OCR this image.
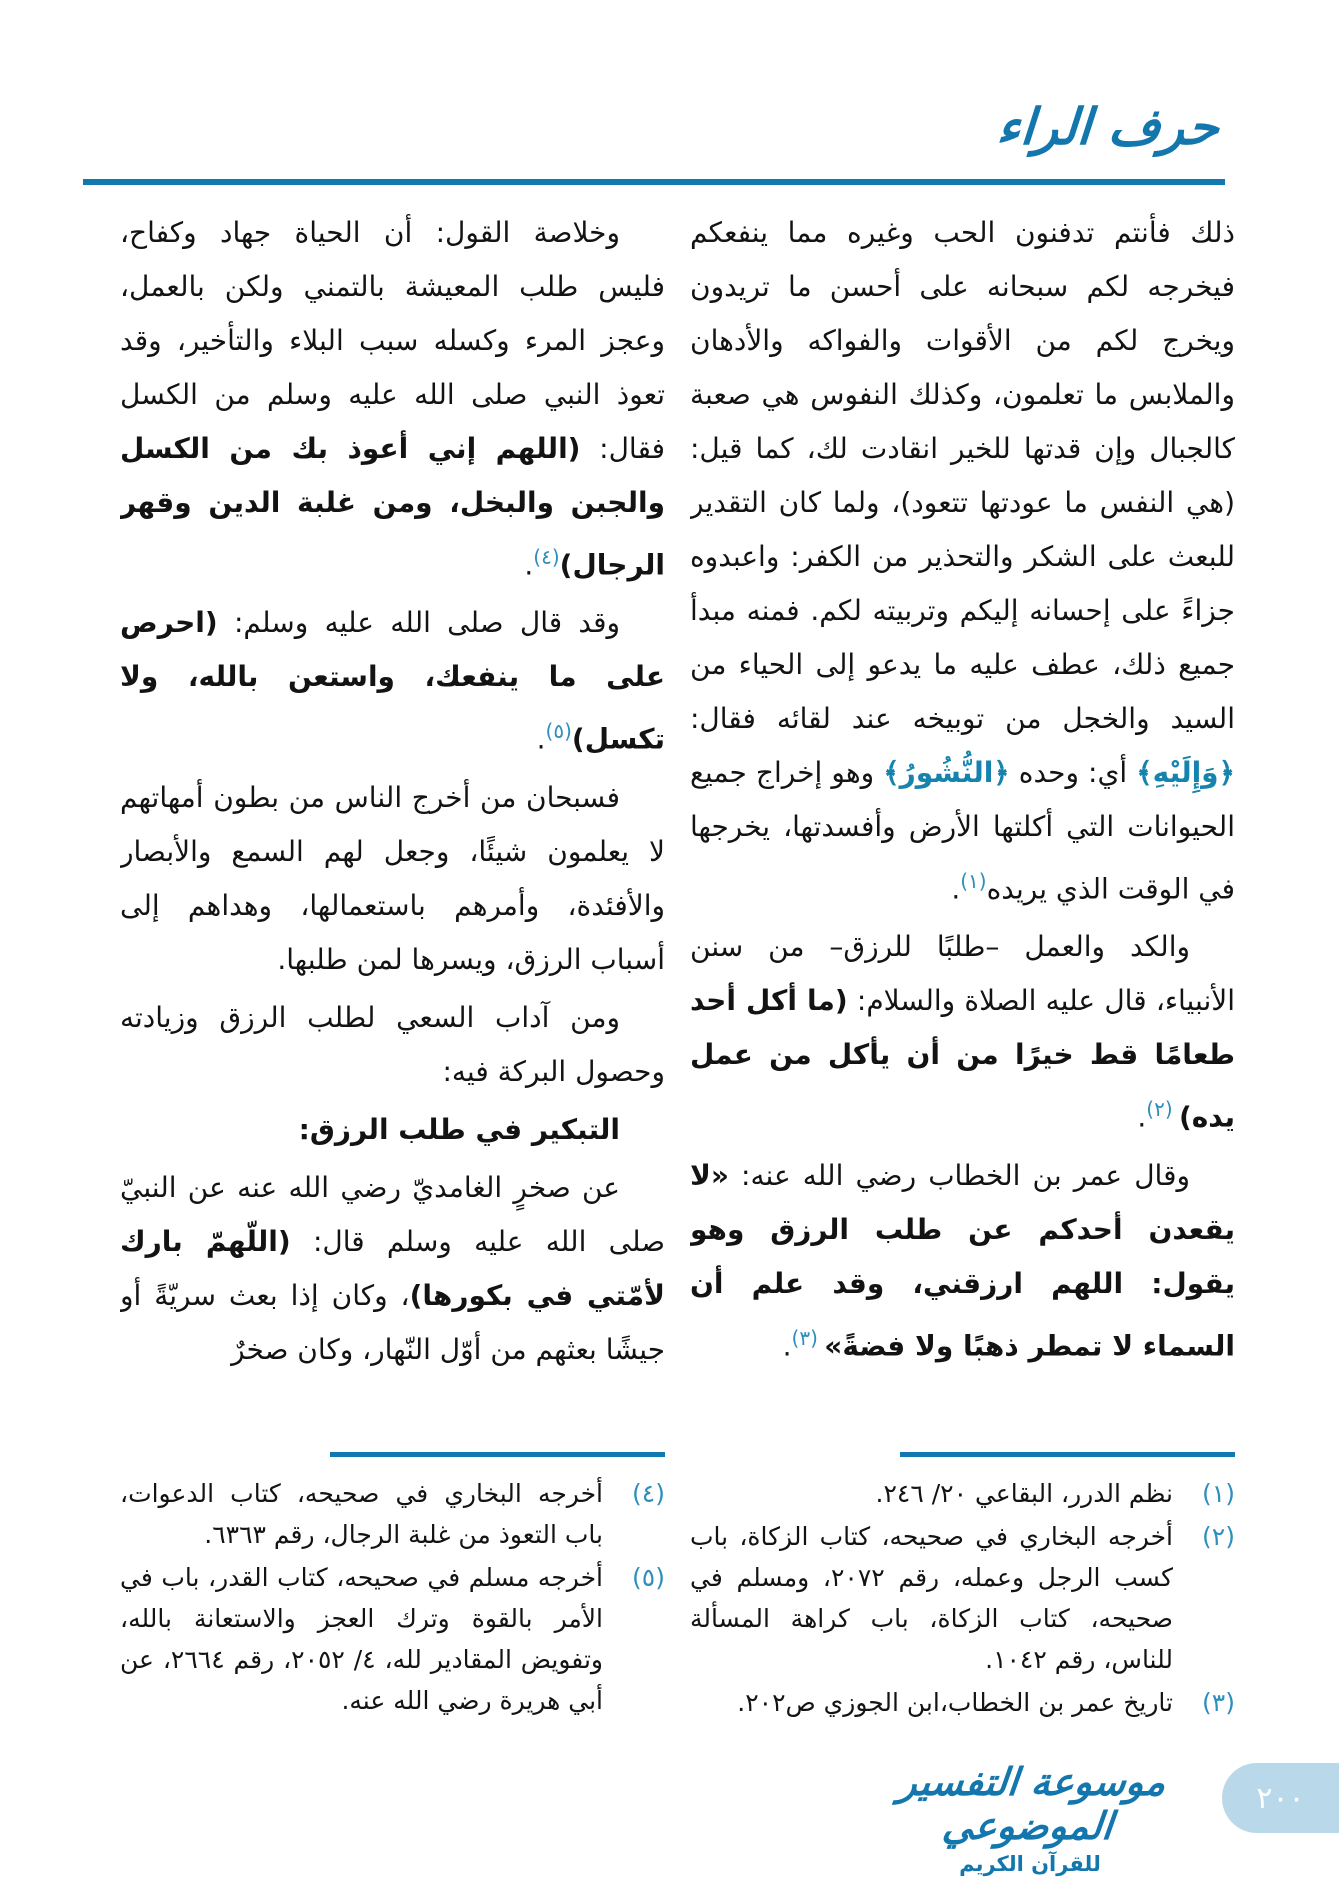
حرف الراء

ذلك فأنتم تدفنون الحب وغيره مما ينفعكم فيخرجه لكم سبحانه على أحسن ما تريدون ويخرج لكم من الأقوات والفواكه والأدهان والملابس ما تعلمون، وكذلك النفوس هي صعبة كالجبال وإن قدتها للخير انقادت لك، كما قيل: (هي النفس ما عودتها تتعود)، ولما كان التقدير للبعث على الشكر والتحذير من الكفر: واعبدوه جزاءً على إحسانه إليكم وتربيته لكم. فمنه مبدأ جميع ذلك، عطف عليه ما يدعو إلى الحياء من السيد والخجل من توبيخه عند لقائه فقال: ﴿وَإِلَيْهِ﴾ أي: وحده ﴿النُّشُورُ﴾ وهو إخراج جميع الحيوانات التي أكلتها الأرض وأفسدتها، يخرجها في الوقت الذي يريده$^{(١)}$.

والكد والعمل –طلبًا للرزق– من سنن الأنبياء، قال عليه الصلاة والسلام: (ما أكل أحد طعامًا قط خيرًا من أن يأكل من عمل يده) $^{(٢)}$.

وقال عمر بن الخطاب رضي الله عنه: «لا يقعدن أحدكم عن طلب الرزق وهو يقول: اللهم ارزقني، وقد علم أن السماء لا تمطر ذهبًا ولا فضةً» $^{(٣)}$.

وخلاصة القول: أن الحياة جهاد وكفاح، فليس طلب المعيشة بالتمني ولكن بالعمل، وعجز المرء وكسله سبب البلاء والتأخير، وقد تعوذ النبي صلى الله عليه وسلم من الكسل فقال: (اللهم إني أعوذ بك من الكسل والجبن والبخل، ومن غلبة الدين وقهر الرجال)$^{(٤)}$.

وقد قال صلى الله عليه وسلم: (احرص على ما ينفعك، واستعن بالله، ولا تكسل)$^{(٥)}$.

فسبحان من أخرج الناس من بطون أمهاتهم لا يعلمون شيئًا، وجعل لهم السمع والأبصار والأفئدة، وأمرهم باستعمالها، وهداهم إلى أسباب الرزق، ويسرها لمن طلبها.

ومن آداب السعي لطلب الرزق وزيادته وحصول البركة فيه:

التبكير في طلب الرزق:

عن صخرٍ الغامديّ رضي الله عنه عن النبيّ صلى الله عليه وسلم قال: (اللّهمّ بارك لأمّتي في بكورها)، وكان إذا بعث سريّةً أو جيشًا بعثهم من أوّل النّهار، وكان صخرٌ

(١)
نظم الدرر، البقاعي ٢٠/ ٢٤٦.
(٢)
أخرجه البخاري في صحيحه، كتاب الزكاة، باب كسب الرجل وعمله، رقم ٢٠٧٢، ومسلم في صحيحه، كتاب الزكاة، باب كراهة المسألة للناس، رقم ١٠٤٢.
(٣)
تاريخ عمر بن الخطاب،ابن الجوزي ص٢٠٢.
(٤)
أخرجه البخاري في صحيحه، كتاب الدعوات، باب التعوذ من غلبة الرجال، رقم ٦٣٦٣.
(٥)
أخرجه مسلم في صحيحه، كتاب القدر، باب في الأمر بالقوة وترك العجز والاستعانة بالله، وتفويض المقادير لله، ٤/ ٢٠٥٢، رقم ٢٦٦٤، عن أبي هريرة رضي الله عنه.
موسوعة التفسير الموضوعي
للقرآن الكريم
٢٠٠
